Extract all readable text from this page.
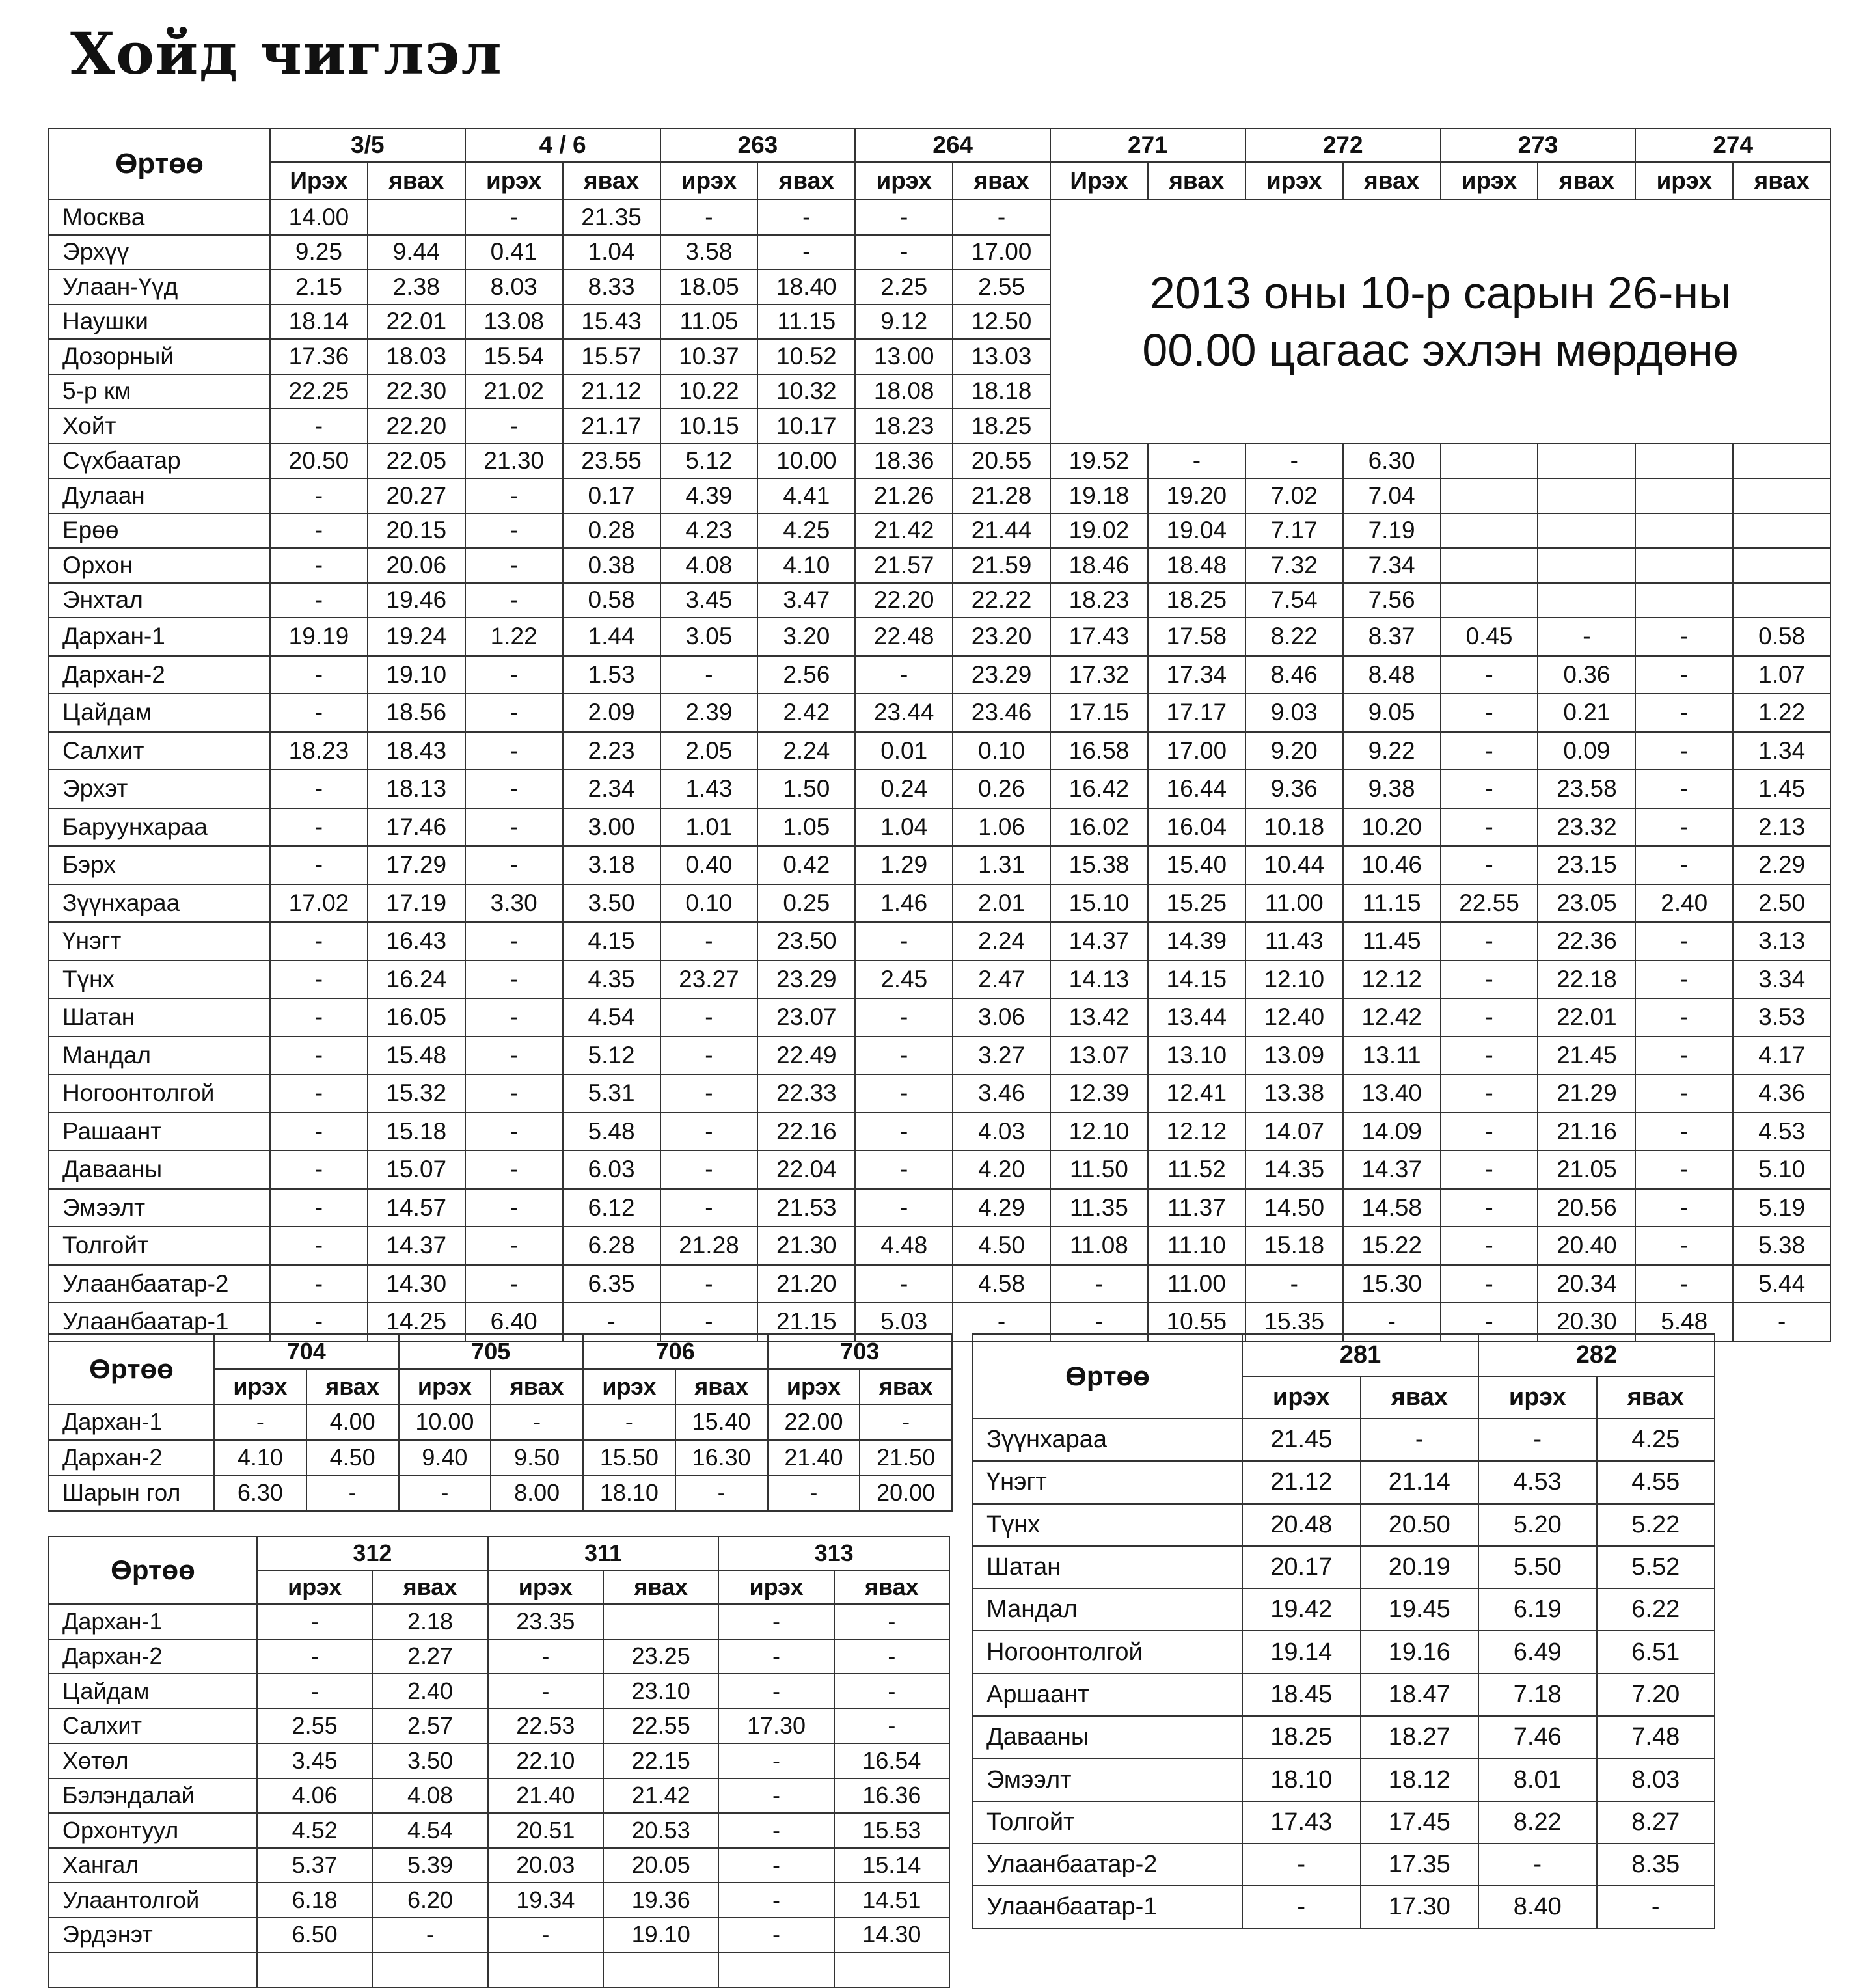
Хойд чиглэл
Өртөө	3/5		4 / 6		263		264		271		272		273		274	
	Ирэх	явах	ирэх	явах	ирэх	явах	ирэх	явах	Ирэх	явах	ирэх	явах	ирэх	явах	ирэх	явах
Москва	14.00		-	21.35	-	-	-	-	2013 оны 10-р сарын 26-ны
00.00 цагаас эхлэн мөрдөнө							

Эрхүү	9.25	9.44	0.41	1.04	3.58	-	-	17.00								
Улаан-Үүд	2.15	2.38	8.03	8.33	18.05	18.40	2.25	2.55								
Наушки	18.14	22.01	13.08	15.43	11.05	11.15	9.12	12.50								
Дозорный	17.36	18.03	15.54	15.57	10.37	10.52	13.00	13.03								
5-р км	22.25	22.30	21.02	21.12	10.22	10.32	18.08	18.18								
Хойт	-	22.20	-	21.17	10.15	10.17	18.23	18.25								
Сүхбаатар	20.50	22.05	21.30	23.55	5.12	10.00	18.36	20.55	19.52	-	-	6.30				
Дулаан	-	20.27	-	0.17	4.39	4.41	21.26	21.28	19.18	19.20	7.02	7.04				
Ерөө	-	20.15	-	0.28	4.23	4.25	21.42	21.44	19.02	19.04	7.17	7.19				
Орхон	-	20.06	-	0.38	4.08	4.10	21.57	21.59	18.46	18.48	7.32	7.34				
Энхтал	-	19.46	-	0.58	3.45	3.47	22.20	22.22	18.23	18.25	7.54	7.56				
Дархан-1	19.19	19.24	1.22	1.44	3.05	3.20	22.48	23.20	17.43	17.58	8.22	8.37	0.45	-	-	0.58
Дархан-2	-	19.10	-	1.53	-	2.56	-	23.29	17.32	17.34	8.46	8.48	-	0.36	-	1.07
Цайдам	-	18.56	-	2.09	2.39	2.42	23.44	23.46	17.15	17.17	9.03	9.05	-	0.21	-	1.22
Салхит	18.23	18.43	-	2.23	2.05	2.24	0.01	0.10	16.58	17.00	9.20	9.22	-	0.09	-	1.34
Эрхэт	-	18.13	-	2.34	1.43	1.50	0.24	0.26	16.42	16.44	9.36	9.38	-	23.58	-	1.45
Баруунхараа	-	17.46	-	3.00	1.01	1.05	1.04	1.06	16.02	16.04	10.18	10.20	-	23.32	-	2.13
Бэрх	-	17.29	-	3.18	0.40	0.42	1.29	1.31	15.38	15.40	10.44	10.46	-	23.15	-	2.29
Зүүнхараа	17.02	17.19	3.30	3.50	0.10	0.25	1.46	2.01	15.10	15.25	11.00	11.15	22.55	23.05	2.40	2.50
Үнэгт	-	16.43	-	4.15	-	23.50	-	2.24	14.37	14.39	11.43	11.45	-	22.36	-	3.13
Түнх	-	16.24	-	4.35	23.27	23.29	2.45	2.47	14.13	14.15	12.10	12.12	-	22.18	-	3.34
Шатан	-	16.05	-	4.54	-	23.07	-	3.06	13.42	13.44	12.40	12.42	-	22.01	-	3.53
Мандал	-	15.48	-	5.12	-	22.49	-	3.27	13.07	13.10	13.09	13.11	-	21.45	-	4.17
Ногоонтолгой	-	15.32	-	5.31	-	22.33	-	3.46	12.39	12.41	13.38	13.40	-	21.29	-	4.36
Рашаант	-	15.18	-	5.48	-	22.16	-	4.03	12.10	12.12	14.07	14.09	-	21.16	-	4.53
Давааны	-	15.07	-	6.03	-	22.04	-	4.20	11.50	11.52	14.35	14.37	-	21.05	-	5.10
Эмээлт	-	14.57	-	6.12	-	21.53	-	4.29	11.35	11.37	14.50	14.58	-	20.56	-	5.19
Толгойт	-	14.37	-	6.28	21.28	21.30	4.48	4.50	11.08	11.10	15.18	15.22	-	20.40	-	5.38
Улаанбаатар-2	-	14.30	-	6.35	-	21.20	-	4.58	-	11.00	-	15.30	-	20.34	-	5.44
Улаанбаатар-1	-	14.25	6.40	-	-	21.15	5.03	-	-	10.55	15.35	-	-	20.30	5.48	-
Өртөө	704		705		706		703	
	ирэх	явах	ирэх	явах	ирэх	явах	ирэх	явах
Дархан-1	-	4.00	10.00	-	-	15.40	22.00	-
Дархан-2	4.10	4.50	9.40	9.50	15.50	16.30	21.40	21.50
Шарын гол	6.30	-	-	8.00	18.10	-	-	20.00
Өртөө	312		311		313	
	ирэх	явах	ирэх	явах	ирэх	явах
Дархан-1	-	2.18	23.35		-	-
Дархан-2	-	2.27	-	23.25	-	-
Цайдам	-	2.40	-	23.10	-	-
Салхит	2.55	2.57	22.53	22.55	17.30	-
Хөтөл	3.45	3.50	22.10	22.15	-	16.54
Бэлэндалай	4.06	4.08	21.40	21.42	-	16.36
Орхонтуул	4.52	4.54	20.51	20.53	-	15.53
Хангал	5.37	5.39	20.03	20.05	-	15.14
Улаантолгой	6.18	6.20	19.34	19.36	-	14.51
Эрдэнэт	6.50	-	-	19.10	-	14.30

Өртөө	281		282	
	ирэх	явах	ирэх	явах
Зүүнхараа	21.45	-	-	4.25
Үнэгт	21.12	21.14	4.53	4.55
Түнх	20.48	20.50	5.20	5.22
Шатан	20.17	20.19	5.50	5.52
Мандал	19.42	19.45	6.19	6.22
Ногоонтолгой	19.14	19.16	6.49	6.51
Аршаант	18.45	18.47	7.18	7.20
Давааны	18.25	18.27	7.46	7.48
Эмээлт	18.10	18.12	8.01	8.03
Толгойт	17.43	17.45	8.22	8.27
Улаанбаатар-2	-	17.35	-	8.35
Улаанбаатар-1	-	17.30	8.40	-
